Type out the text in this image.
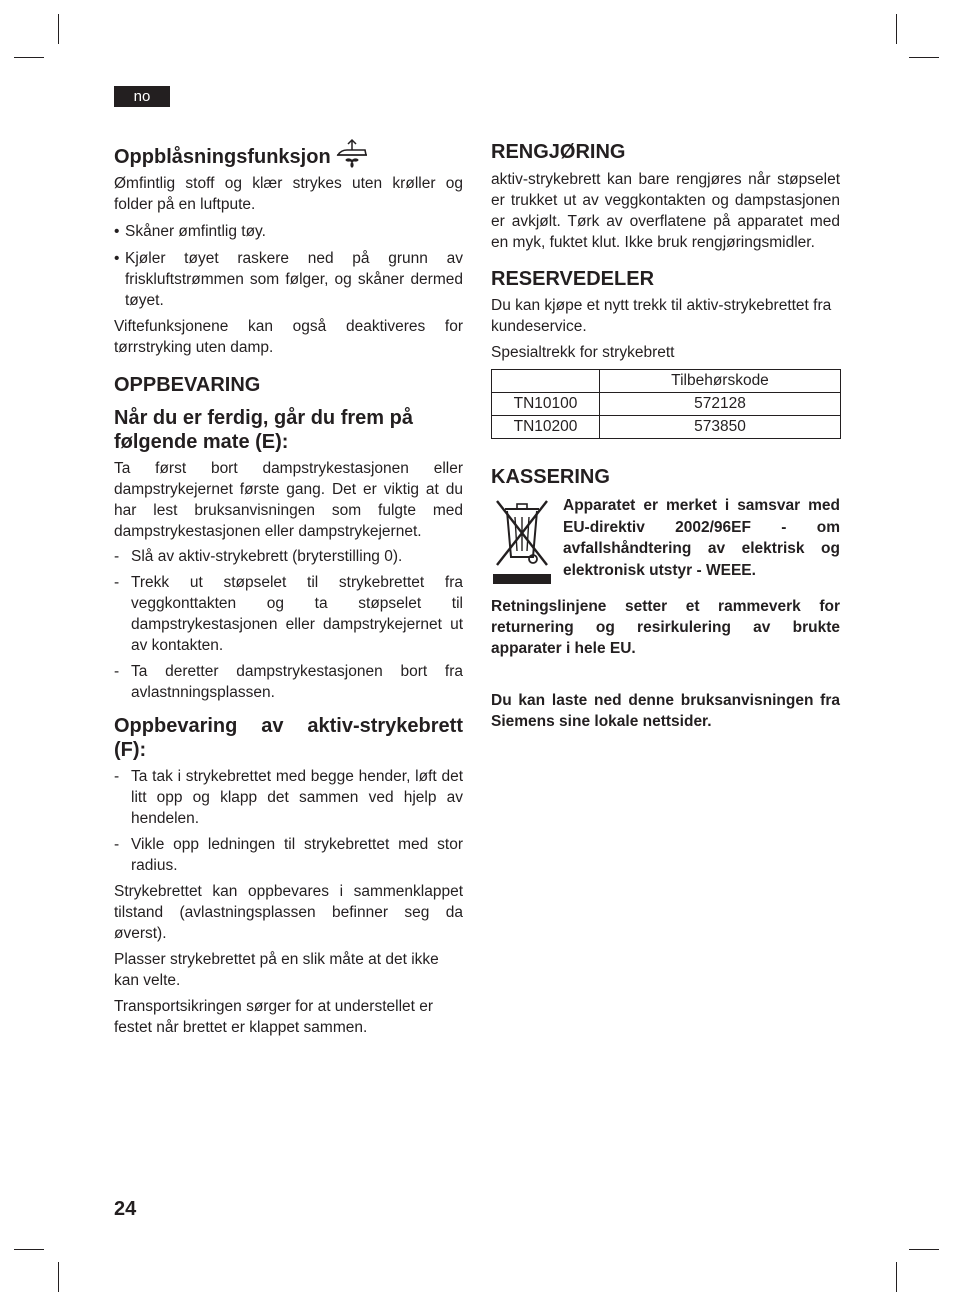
no
Oppblåsningsfunksjon

Ømfintlig stoff og klær strykes uten krøller og folder på en luftpute.

• Skåner ømfintlig tøy.
• Kjøler tøyet raskere ned på grunn av friskluftstrømmen som følger, og skåner dermed tøyet.

Viftefunksjonene kan også deaktiveres for tørrstryking uten damp.

OPPBEVARING
Når du er ferdig, går du frem på følgende mate (E):

Ta først bort dampstrykestasjonen eller dampstrykejernet første gang. Det er viktig at du har lest bruksanvisningen som fulgte med dampstrykestasjonen eller dampstrykejernet.

- Slå av aktiv-strykebrett (bryterstilling 0).
- Trekk ut støpselet til strykebrettet fra veggkonttakten og ta støpselet til dampstrykestasjonen eller dampstrykejernet ut av kontakten.
- Ta deretter dampstrykestasjonen bort fra avlastnningsplassen.
Oppbevaring av aktiv-strykebrett (F):
- Ta tak i strykebrettet med begge hender, løft det litt opp og klapp det sammen ved hjelp av hendelen.
- Vikle opp ledningen til strykebrettet med stor radius.

Strykebrettet kan oppbevares i sammenklappet tilstand (avlastningsplassen befinner seg da øverst).

Plasser strykebrettet på en slik måte at det ikke kan velte.

Transportsikringen sørger for at understellet er festet når brettet er klappet sammen.

RENGJØRING

aktiv-strykebrett kan bare rengjøres når støpselet er trukket ut av veggkontakten og dampstasjonen er avkjølt. Tørk av overflatene på apparatet med en myk, fuktet klut. Ikke bruk rengjøringsmidler.

RESERVEDELER

Du kan kjøpe et nytt trekk til aktiv-strykebrettet fra kundeservice.

Spesialtrekk for strykebrett

	Tilbehørskode
TN10100	572128
TN10200	573850
KASSERING
Apparatet er merket i samsvar med EU-direktiv 2002/96EF - om avfallshåndtering av elektrisk og elektronisk utstyr - WEEE.

Retningslinjene setter et rammeverk for returnering og resirkulering av brukte apparater i hele EU.

Du kan laste ned denne bruksanvisningen fra Siemens sine lokale nettsider.

24
